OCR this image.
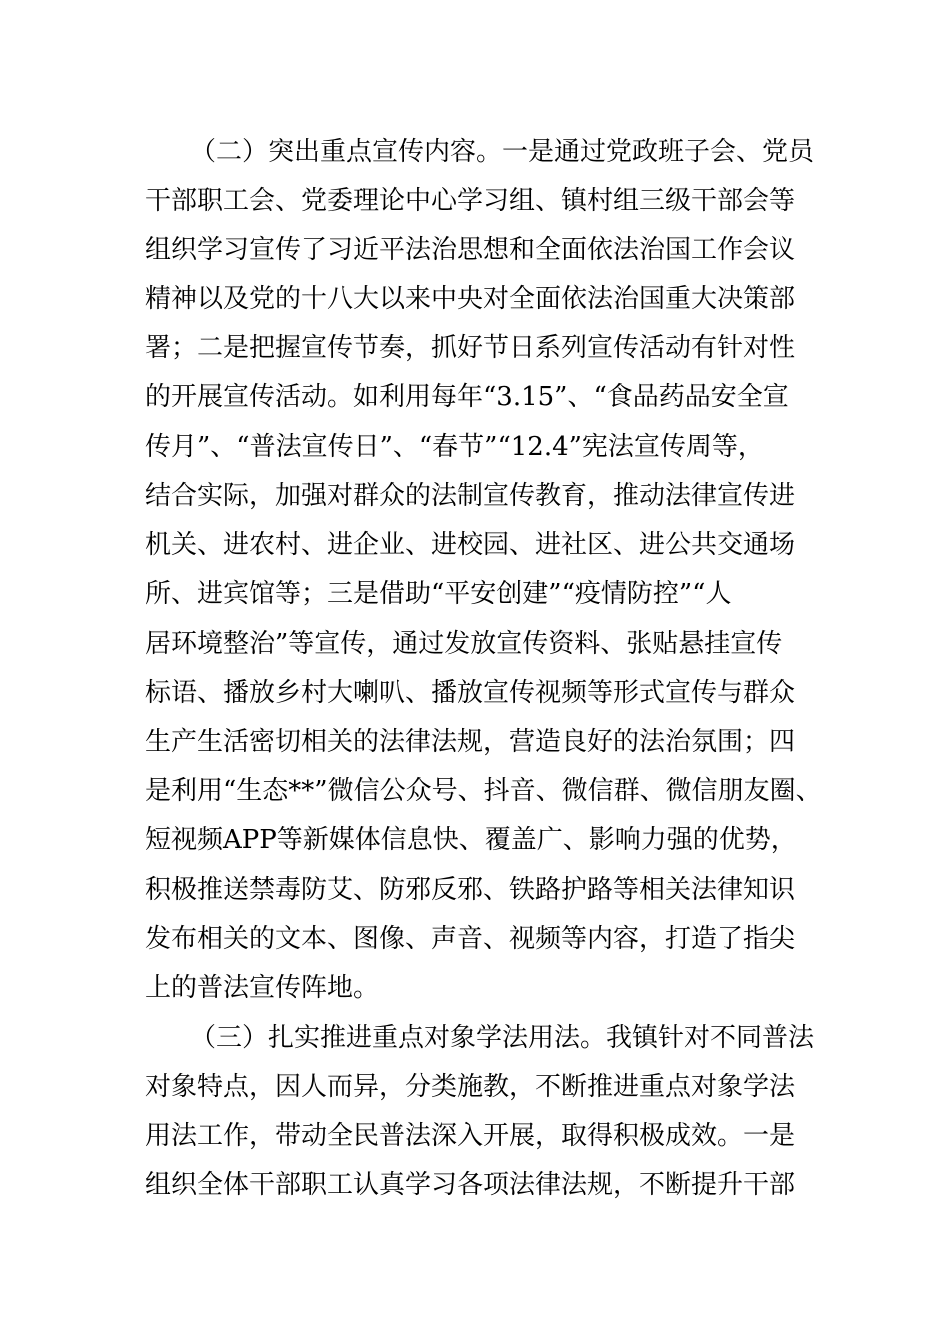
（二）突出重点宣传内容。一是通过党政班子会、党员
干部职工会、党委理论中心学习组、镇村组三级干部会等
组织学习宣传了习近平法治思想和全面依法治国工作会议
精神以及党的十八大以来中央对全面依法治国重大决策部
署；二是把握宣传节奏，抓好节日系列宣传活动有针对性
的开展宣传活动。如利用每年“3.15”、“食品药品安全宣
传月”、“普法宣传日”、“春节”“12.4”宪法宣传周等，
结合实际，加强对群众的法制宣传教育，推动法律宣传进
机关、进农村、进企业、进校园、进社区、进公共交通场
所、进宾馆等；三是借助“平安创建”“疫情防控”“人
居环境整治”等宣传，通过发放宣传资料、张贴悬挂宣传
标语、播放乡村大喇叭、播放宣传视频等形式宣传与群众
生产生活密切相关的法律法规，营造良好的法治氛围；四
是利用“生态**”微信公众号、抖音、微信群、微信朋友圈、
短视频APP等新媒体信息快、覆盖广、影响力强的优势，
积极推送禁毒防艾、防邪反邪、铁路护路等相关法律知识
发布相关的文本、图像、声音、视频等内容，打造了指尖
上的普法宣传阵地。
（三）扎实推进重点对象学法用法。我镇针对不同普法
对象特点，因人而异，分类施教，不断推进重点对象学法
用法工作，带动全民普法深入开展，取得积极成效。一是
组织全体干部职工认真学习各项法律法规，不断提升干部
